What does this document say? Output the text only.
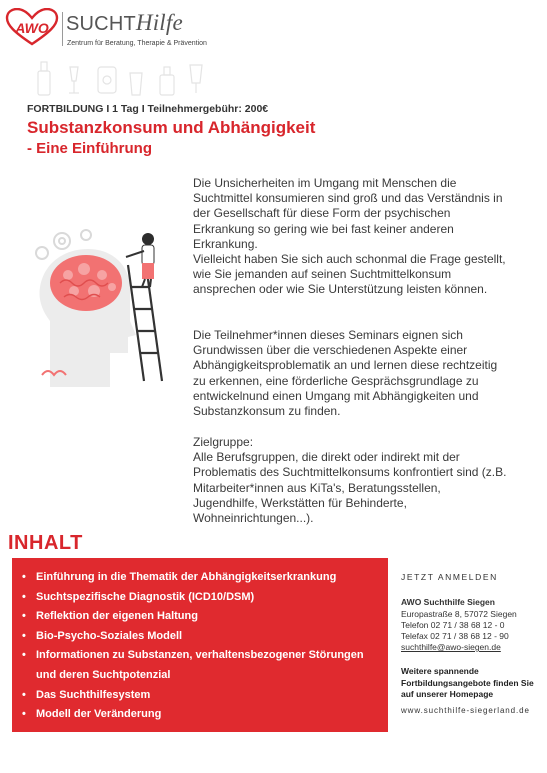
AWO SUCHTHilfe
Zentrum für Beratung, Therapie & Prävention
FORTBILDUNG I 1 Tag I Teilnehmergebühr: 200€
Substanzkonsum und Abhängigkeit
- Eine Einführung

Die Unsicherheiten im Umgang mit Menschen die Suchtmittel konsumieren sind groß und das Verständnis in der Gesellschaft für diese Form der psychischen Erkrankung so gering wie bei fast keiner anderen Erkrankung.
Vielleicht haben Sie sich auch schonmal die Frage gestellt, wie Sie jemanden auf seinen Suchtmittelkonsum ansprechen oder wie Sie Unterstützung leisten können.

Die Teilnehmer*innen dieses Seminars eignen sich Grundwissen über die verschiedenen Aspekte einer Abhängigkeitsproblematik an und lernen diese rechtzeitig zu erkennen, eine förderliche Gesprächsgrundlage zu entwickelnund einen Umgang mit Abhängigkeiten und Substanzkonsum zu finden.

Zielgruppe:
Alle Berufsgruppen, die direkt oder indirekt mit der Problematis des Suchtmittelkonsums konfrontiert sind (z.B. Mitarbeiter*innen aus KiTa's, Beratungsstellen, Jugendhilfe, Werkstätten für Behinderte, Wohneinrichtungen...).

INHALT
• Einführung in die Thematik der Abhängigkeitserkrankung
• Suchtspezifische Diagnostik (ICD10/DSM)
• Reflektion der eigenen Haltung
• Bio-Psycho-Soziales Modell
• Informationen zu Substanzen, verhaltensbezogener Störungen und deren Suchtpotenzial
• Das Suchthilfesystem
• Modell der Veränderung
JETZT ANMELDEN
AWO Suchthilfe Siegen
Europastraße 8, 57072 Siegen
Telefon 02 71 / 38 68 12 - 0
Telefax 02 71 / 38 68 12 - 90
suchthilfe@awo-siegen.de
Weitere spannende Fortbildungsangebote finden Sie auf unserer Homepage
www.suchthilfe-siegerland.de
